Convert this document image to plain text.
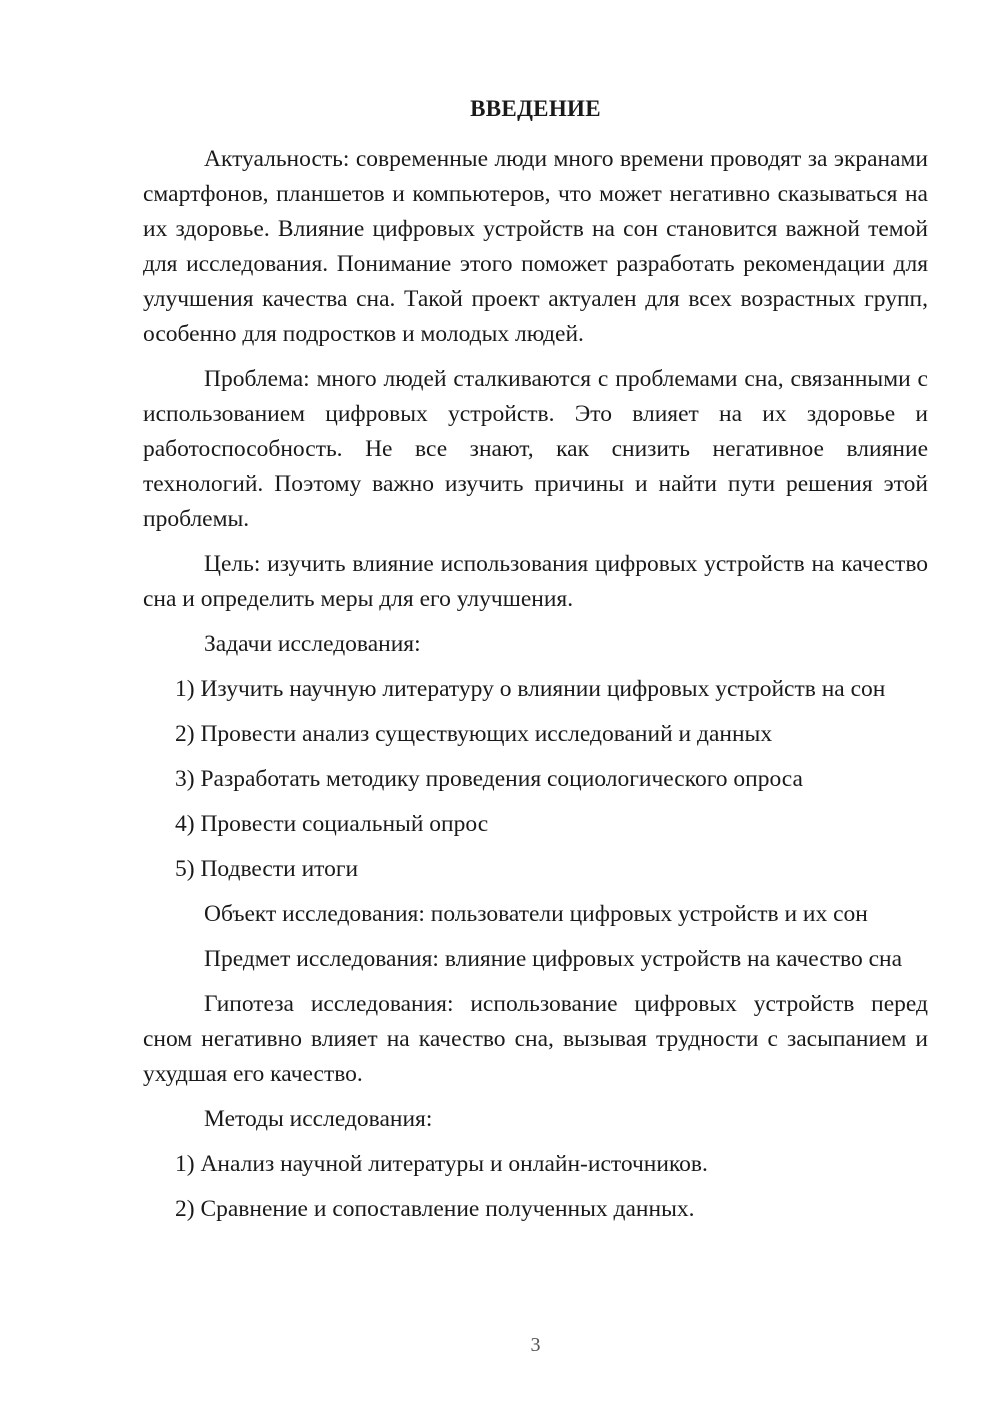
ВВЕДЕНИЕ

Актуальность: современные люди много времени проводят за экранами смартфонов, планшетов и компьютеров, что может негативно сказываться на их здоровье. Влияние цифровых устройств на сон становится важной темой для исследования. Понимание этого поможет разработать рекомендации для улучшения качества сна. Такой проект актуален для всех возрастных групп, особенно для подростков и молодых людей.

Проблема: много людей сталкиваются с проблемами сна, связанными с использованием цифровых устройств. Это влияет на их здоровье и работоспособность. Не все знают, как снизить негативное влияние технологий. Поэтому важно изучить причины и найти пути решения этой проблемы.

Цель: изучить влияние использования цифровых устройств на качество сна и определить меры для его улучшения.

Задачи исследования:
1) Изучить научную литературу о влиянии цифровых устройств на сон
2) Провести анализ существующих исследований и данных
3) Разработать методику проведения социологического опроса
4) Провести социальный опрос
5) Подвести итоги
Объект исследования: пользователи цифровых устройств и их сон

Предмет исследования: влияние цифровых устройств на качество сна

Гипотеза исследования: использование цифровых устройств перед сном негативно влияет на качество сна, вызывая трудности с засыпанием и ухудшая его качество.

Методы исследования:
1) Анализ научной литературы и онлайн-источников.
2) Сравнение и сопоставление полученных данных.
3
